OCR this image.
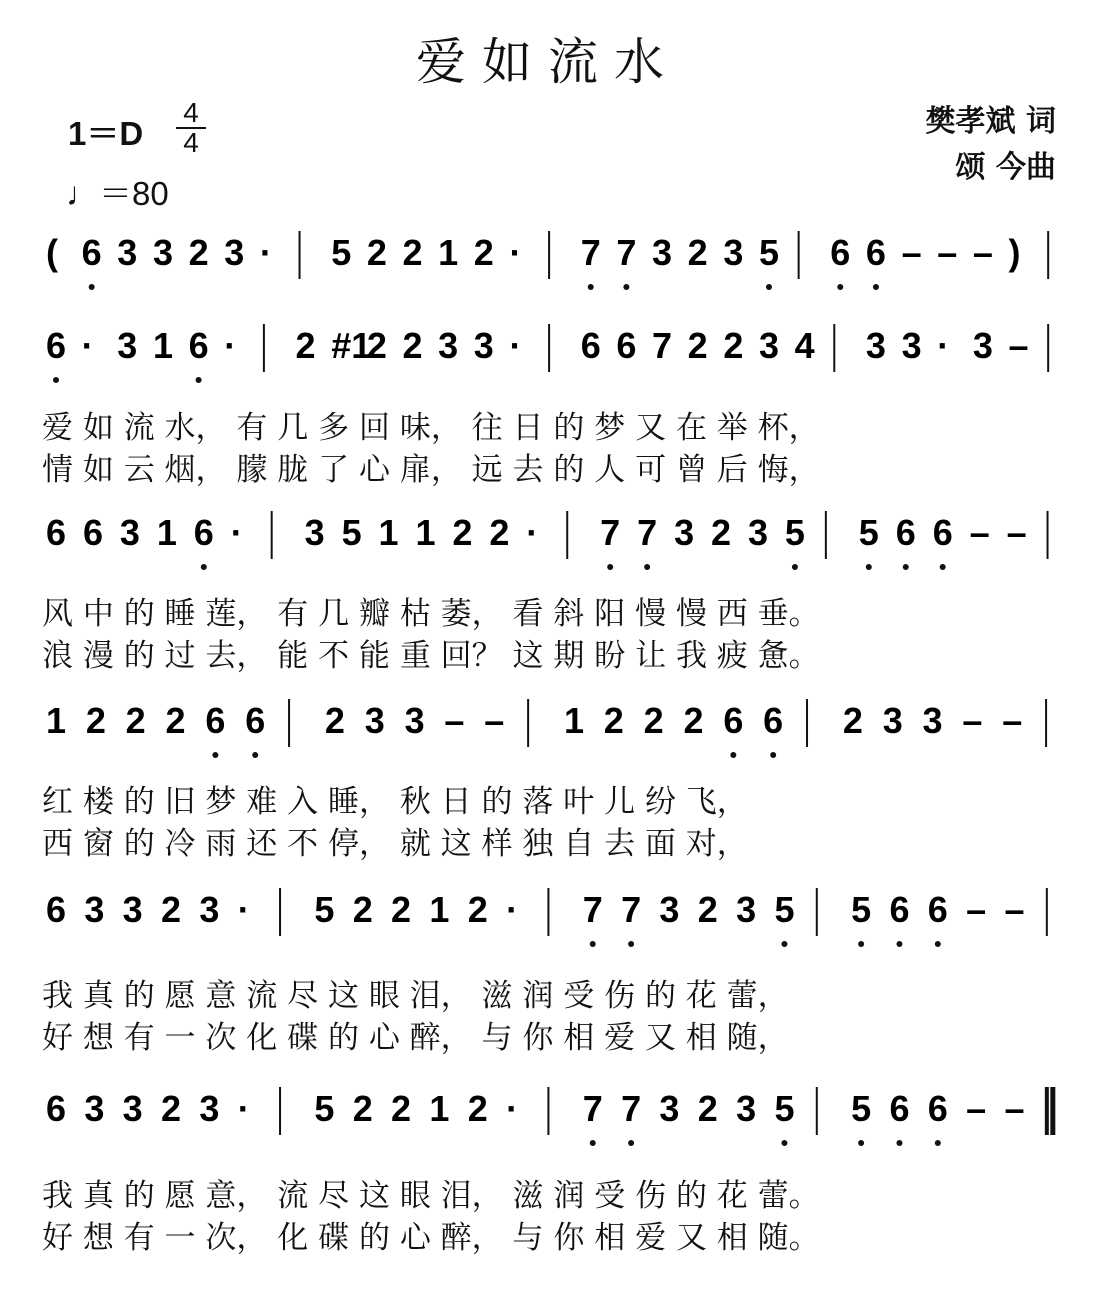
爱如流水
1＝D
4
4
♩＝80
樊孝斌 词
颂 今曲
( 6 3 3 2 3 · 5 2 2 1 2 · 7 7 3 2 3 5 6 6 – – – )
6 · 3 1 6 · 2 #1
2 2 3 3 · 6 6 7 2 2 3 4 3 3 · 3 –
6 6 3 1 6 · 3 5 1 1 2 2 · 7 7 3 2 3 5 5 6 6 – –
1 2 2 2 6 6 2 3 3 – – 1 2 2 2 6 6 2 3 3 – –
6 3 3 2 3 · 5 2 2 1 2 · 7 7 3 2 3 5 5 6 6 – –
6 3 3 2 3 · 5 2 2 1 2 · 7 7 3 2 3 5 5 6 6 – –
爱 如 流 水， 有 几 多 回 味， 往 日 的 梦 又 在 举 杯，
情 如 云 烟， 朦 胧 了 心 扉， 远 去 的 人 可 曾 后 悔，
风 中 的 睡 莲， 有 几 瓣 枯 萎， 看 斜 阳 慢 慢 西 垂。
浪 漫 的 过 去， 能 不 能 重 回？ 这 期 盼 让 我 疲 惫。
红 楼 的 旧 梦 难 入 睡， 秋 日 的 落 叶 儿 纷 飞，
西 窗 的 冷 雨 还 不 停， 就 这 样 独 自 去 面 对，
我 真 的 愿 意 流 尽 这 眼 泪， 滋 润 受 伤 的 花 蕾，
好 想 有 一 次 化 碟 的 心 醉， 与 你 相 爱 又 相 随，
我 真 的 愿 意， 流 尽 这 眼 泪， 滋 润 受 伤 的 花 蕾。
好 想 有 一 次， 化 碟 的 心 醉， 与 你 相 爱 又 相 随。
